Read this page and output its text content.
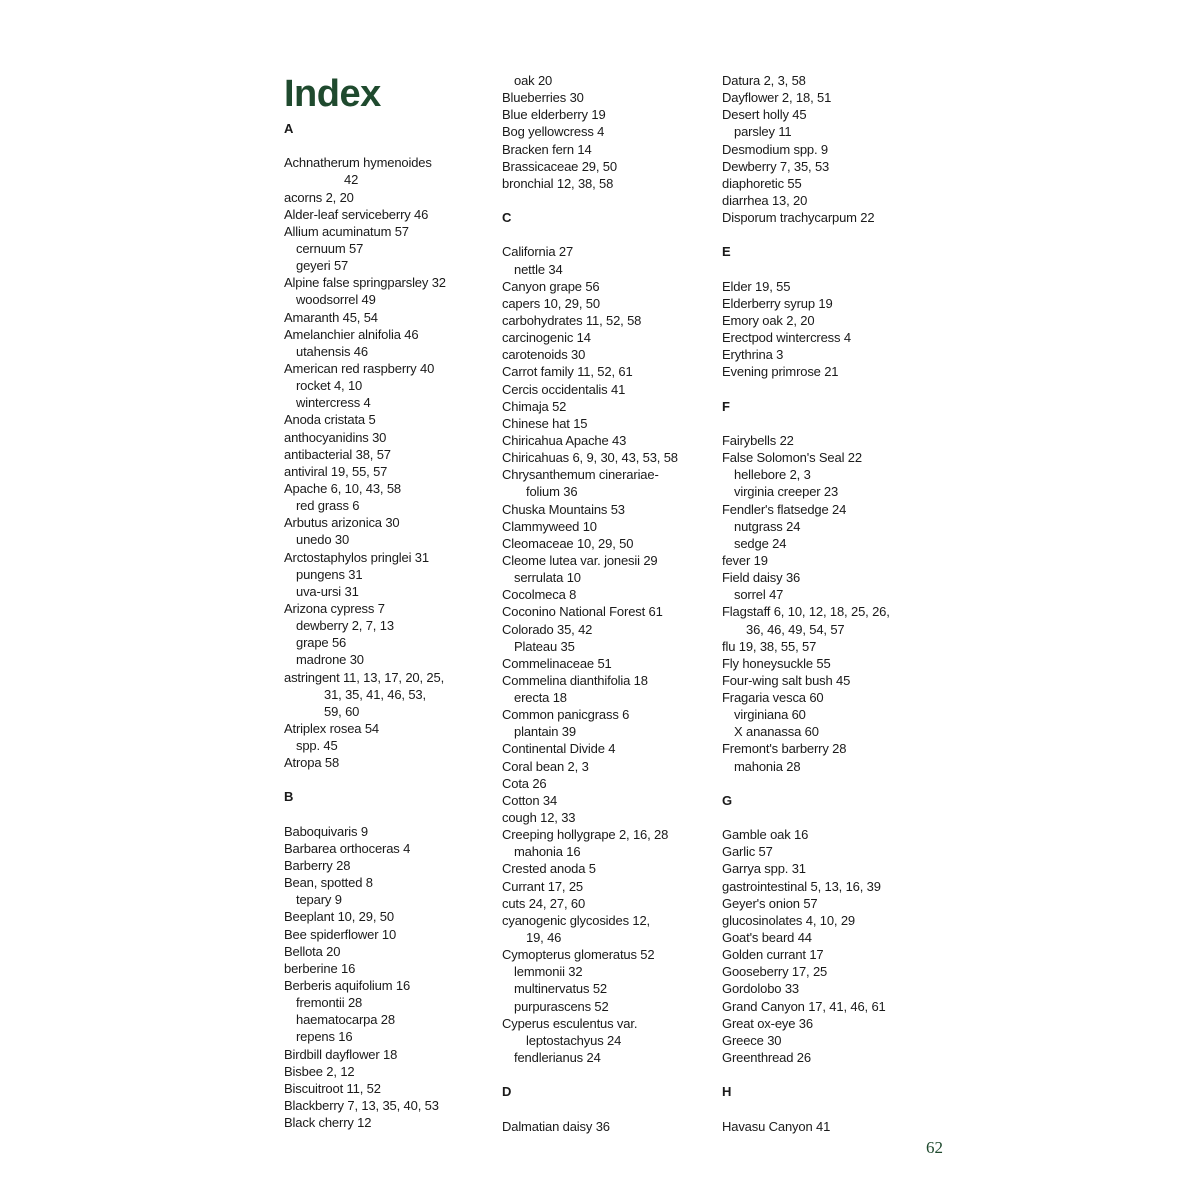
Index
A
Achnatherum hymenoides
42
acorns 2, 20
Alder-leaf serviceberry 46
Allium acuminatum 57
cernuum 57
geyeri 57
Alpine false springparsley 32
woodsorrel 49
Amaranth 45, 54
Amelanchier alnifolia 46
utahensis 46
American red raspberry 40
rocket 4, 10
wintercress 4
Anoda cristata 5
anthocyanidins 30
antibacterial 38, 57
antiviral 19, 55, 57
Apache 6, 10, 43, 58
red grass 6
Arbutus arizonica 30
unedo 30
Arctostaphylos pringlei 31
pungens 31
uva-ursi 31
Arizona cypress 7
dewberry 2, 7, 13
grape 56
madrone 30
astringent 11, 13, 17, 20, 25,
31, 35, 41, 46, 53,
59, 60
Atriplex rosea 54
spp. 45
Atropa 58
B
Baboquivaris 9
Barbarea orthoceras 4
Barberry 28
Bean, spotted 8
tepary 9
Beeplant 10, 29, 50
Bee spiderflower 10
Bellota 20
berberine 16
Berberis aquifolium 16
fremontii 28
haematocarpa 28
repens 16
Birdbill dayflower 18
Bisbee 2, 12
Biscuitroot 11, 52
Blackberry 7, 13, 35, 40, 53
Black cherry 12
oak 20
Blueberries 30
Blue elderberry 19
Bog yellowcress 4
Bracken fern 14
Brassicaceae 29, 50
bronchial 12, 38, 58
C
California 27
nettle 34
Canyon grape 56
capers 10, 29, 50
carbohydrates 11, 52, 58
carcinogenic 14
carotenoids 30
Carrot family 11, 52, 61
Cercis occidentalis 41
Chimaja 52
Chinese hat 15
Chiricahua Apache 43
Chiricahuas 6, 9, 30, 43, 53, 58
Chrysanthemum cinerariae-
folium 36
Chuska Mountains 53
Clammyweed 10
Cleomaceae 10, 29, 50
Cleome lutea var. jonesii 29
serrulata 10
Cocolmeca 8
Coconino National Forest 61
Colorado 35, 42
Plateau 35
Commelinaceae 51
Commelina dianthifolia 18
erecta 18
Common panicgrass 6
plantain 39
Continental Divide 4
Coral bean 2, 3
Cota 26
Cotton 34
cough 12, 33
Creeping hollygrape 2, 16, 28
mahonia 16
Crested anoda 5
Currant 17, 25
cuts 24, 27, 60
cyanogenic glycosides 12,
19, 46
Cymopterus glomeratus 52
lemmonii 32
multinervatus 52
purpurascens 52
Cyperus esculentus var.
leptostachyus 24
fendlerianus 24
D
Dalmatian daisy 36
Datura 2, 3, 58
Dayflower 2, 18, 51
Desert holly 45
parsley 11
Desmodium spp. 9
Dewberry 7, 35, 53
diaphoretic 55
diarrhea 13, 20
Disporum trachycarpum 22
E
Elder 19, 55
Elderberry syrup 19
Emory oak 2, 20
Erectpod wintercress 4
Erythrina 3
Evening primrose 21
F
Fairybells 22
False Solomon's Seal 22
hellebore 2, 3
virginia creeper 23
Fendler's flatsedge 24
nutgrass 24
sedge 24
fever 19
Field daisy 36
sorrel 47
Flagstaff 6, 10, 12, 18, 25, 26,
36, 46, 49, 54, 57
flu 19, 38, 55, 57
Fly honeysuckle 55
Four-wing salt bush 45
Fragaria vesca 60
virginiana 60
X ananassa 60
Fremont's barberry 28
mahonia 28
G
Gamble oak 16
Garlic 57
Garrya spp. 31
gastrointestinal 5, 13, 16, 39
Geyer's onion 57
glucosinolates 4, 10, 29
Goat's beard 44
Golden currant 17
Gooseberry 17, 25
Gordolobo 33
Grand Canyon 17, 41, 46, 61
Great ox-eye 36
Greece 30
Greenthread 26
H
Havasu Canyon 41
62
